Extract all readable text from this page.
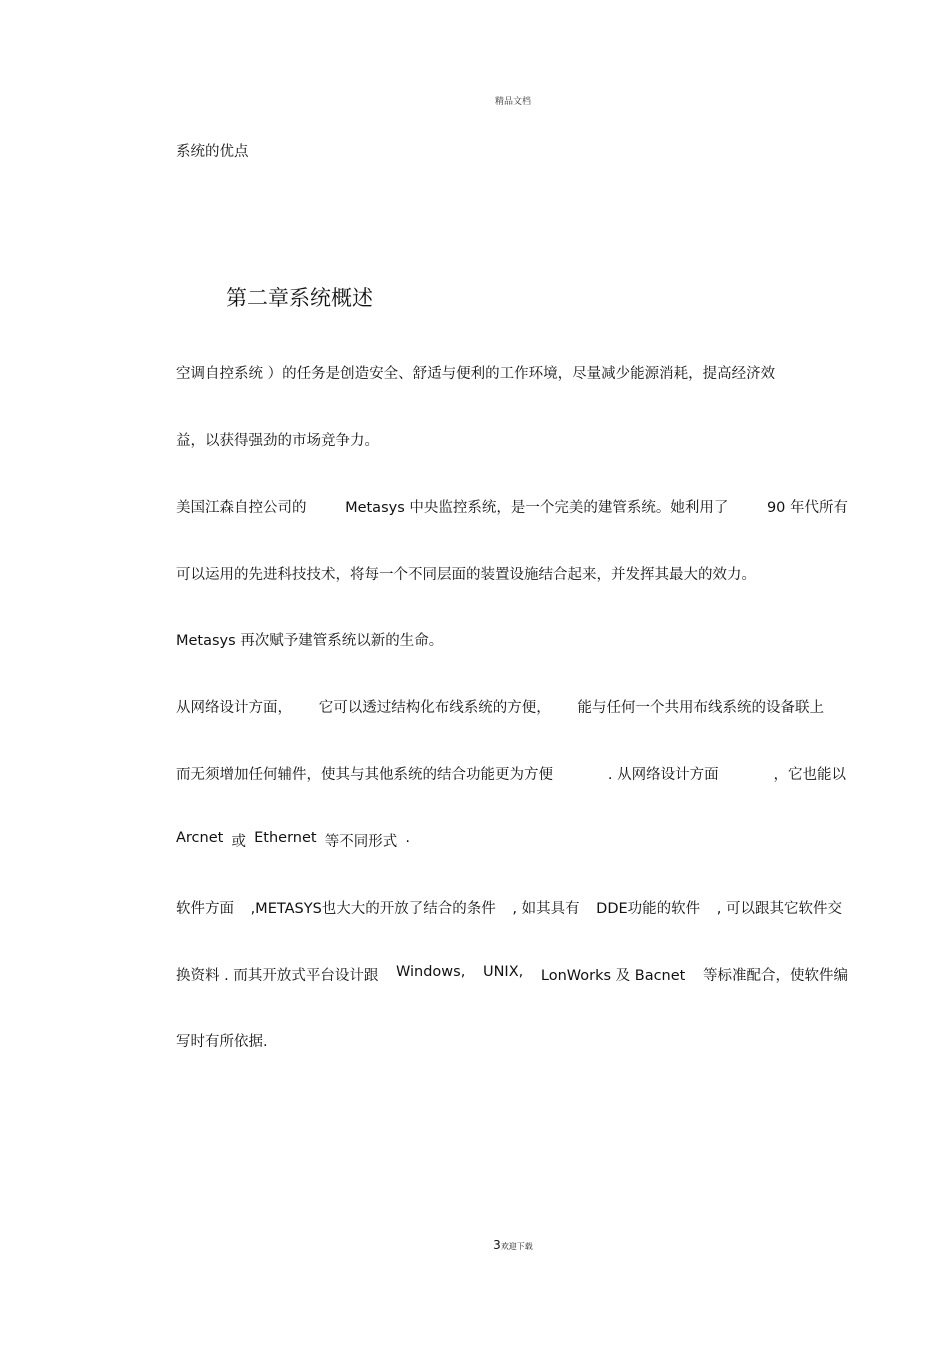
精品文档
系统的优点
第二章系统概述
空调自控系统 ）的任务是创造安全、舒适与便利的工作环境，尽量减少能源消耗，提高经济效
益，以获得强劲的市场竞争力。
美国江森自控公司的	Metasys 中央监控系统，是一个完美的建管系统。她利用了	90 年代所有
可以运用的先进科技技术，将每一个不同层面的装置设施结合起来，并发挥其最大的效力。
Metasys 再次赋予建管系统以新的生命。
从网络设计方面， 它可以透过结构化布线系统的方便， 能与任何一个共用布线系统的设备联上
而无须增加任何辅件，使其与其他系统的结合功能更为方便	. 从网络设计方面	，它也能以
Arcnet 或 Ethernet 等不同形式 .
软件方面 ,METASYS也大大的开放了结合的条件 , 如其具有 DDE功能的软件 , 可以跟其它软件交
换资料 . 而其开放式平台设计跟 Windows, UNIX, LonWorks 及 Bacnet 等标准配合，使软件编
写时有所依据.
3欢迎下载
